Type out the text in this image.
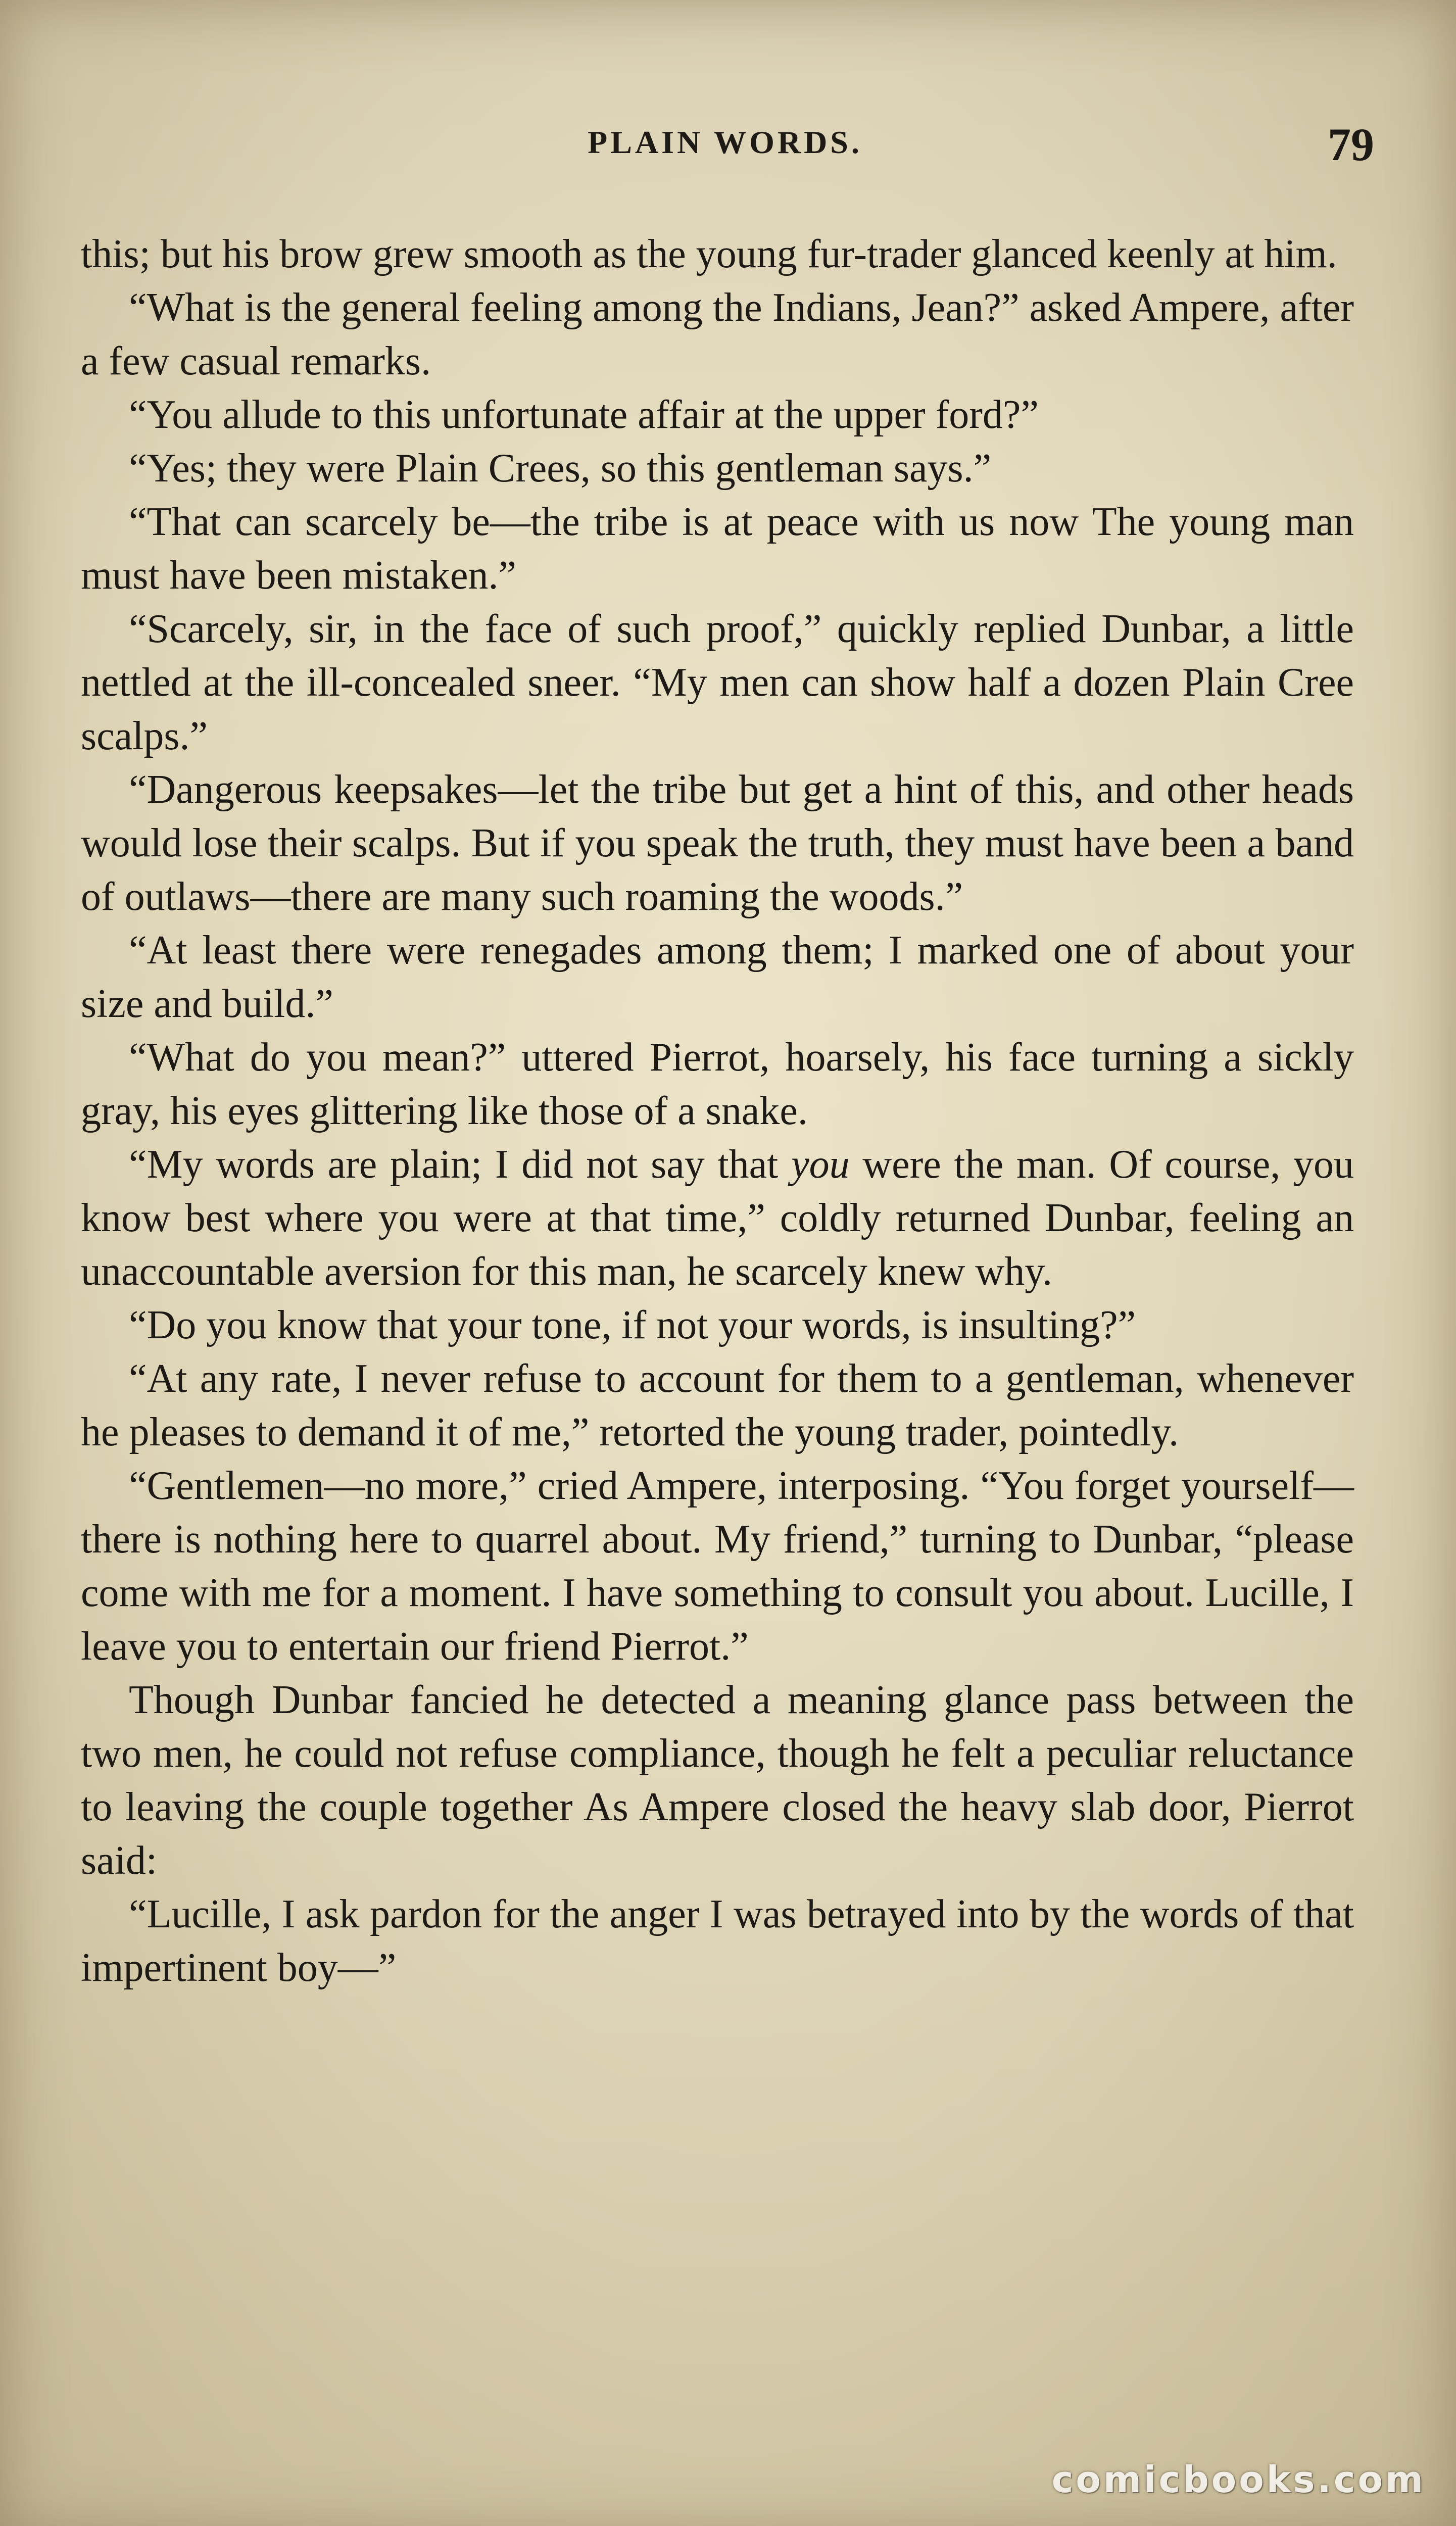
PLAIN WORDS.	79

this; but his brow grew smooth as the young fur-trader glanced keenly at him.

“What is the general feeling among the Indians, Jean?” asked Ampere, after a few casual remarks.

“You allude to this unfortunate affair at the upper ford?”

“Yes; they were Plain Crees, so this gentleman says.”

“That can scarcely be—the tribe is at peace with us now The young man must have been mistaken.”

“Scarcely, sir, in the face of such proof,” quickly replied Dunbar, a little nettled at the ill-concealed sneer. “My men can show half a dozen Plain Cree scalps.”

“Dangerous keepsakes—let the tribe but get a hint of this, and other heads would lose their scalps. But if you speak the truth, they must have been a band of outlaws—there are many such roaming the woods.”

“At least there were renegades among them; I marked one of about your size and build.”

“What do you mean?” uttered Pierrot, hoarsely, his face turning a sickly gray, his eyes glittering like those of a snake.

“My words are plain; I did not say that you were the man. Of course, you know best where you were at that time,” coldly returned Dunbar, feeling an unaccountable aversion for this man, he scarcely knew why.

“Do you know that your tone, if not your words, is insulting?”

“At any rate, I never refuse to account for them to a gentleman, whenever he pleases to demand it of me,” retorted the young trader, pointedly.

“Gentlemen—no more,” cried Ampere, interposing. “You forget yourself—there is nothing here to quarrel about. My friend,” turning to Dunbar, “please come with me for a moment. I have something to consult you about. Lucille, I leave you to entertain our friend Pierrot.”

Though Dunbar fancied he detected a meaning glance pass between the two men, he could not refuse compliance, though he felt a peculiar reluctance to leaving the couple together As Ampere closed the heavy slab door, Pierrot said:

“Lucille, I ask pardon for the anger I was betrayed into by the words of that impertinent boy—”

comicbooks.com
